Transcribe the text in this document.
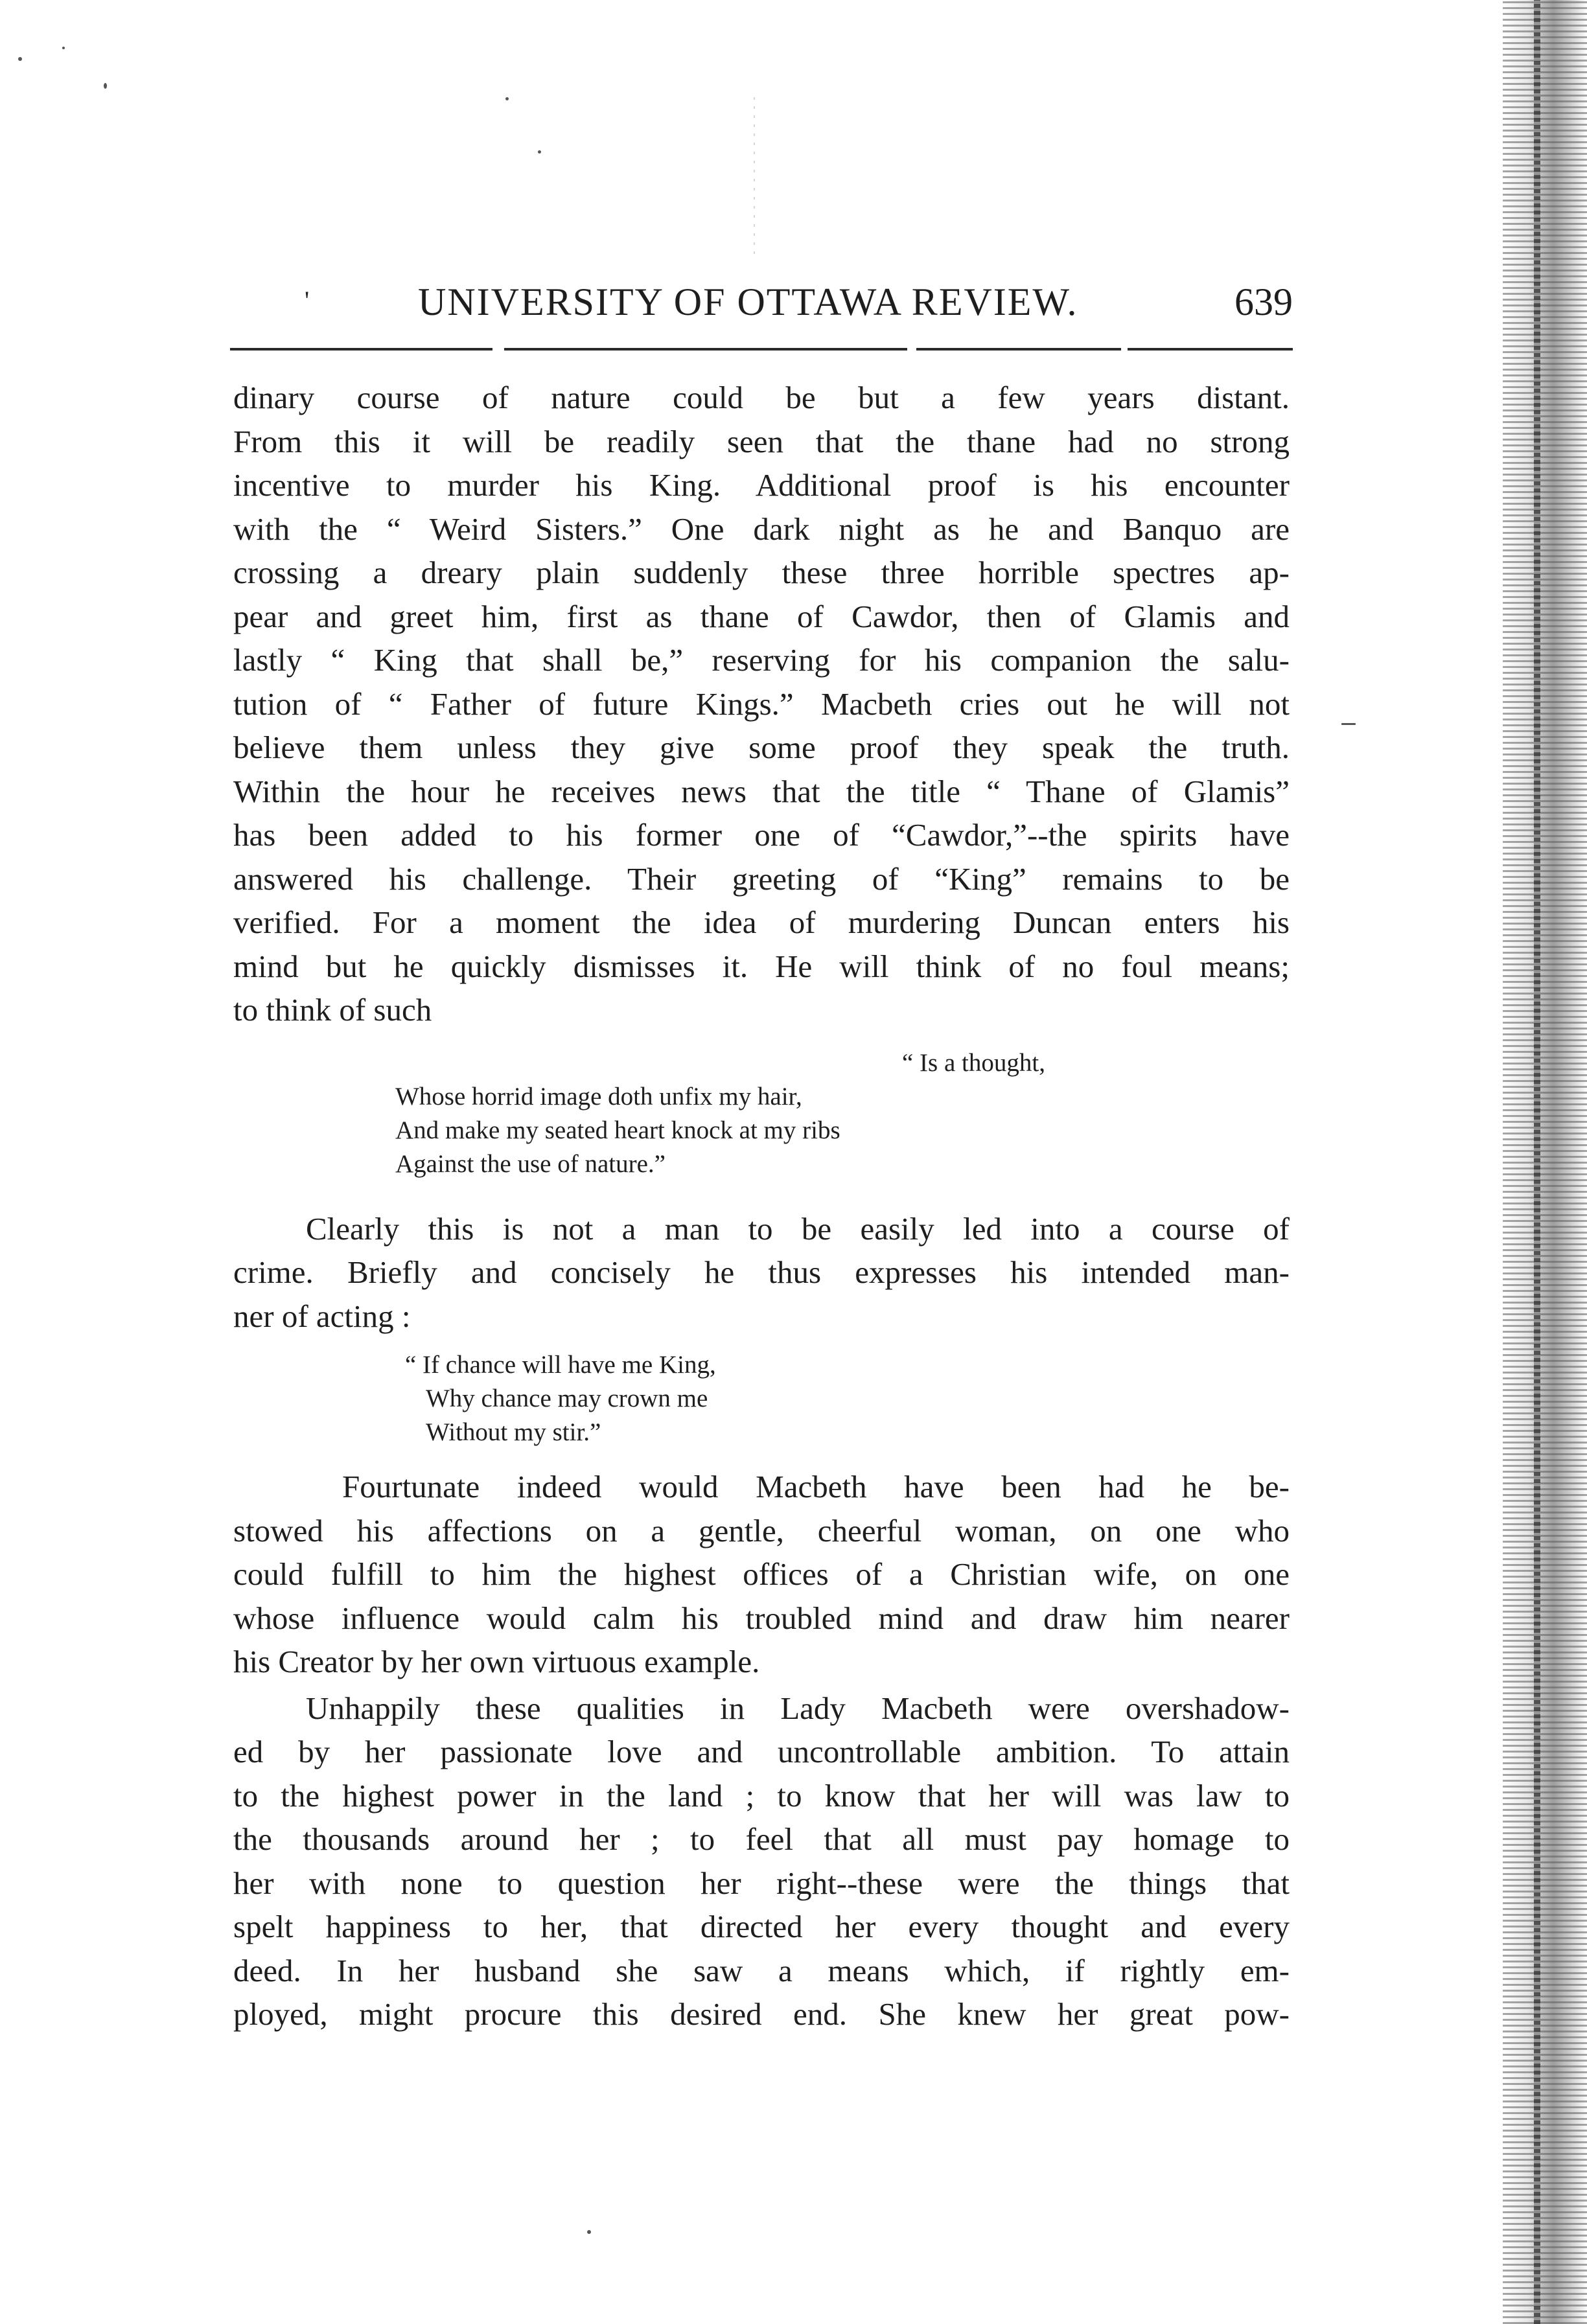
'	UNIVERSITY OF OTTAWA REVIEW.	639
dinary course of nature could be but a few years distant.
From this it will be readily seen that the thane had no strong
incentive to murder his King. Additional proof is his encounter
with the “ Weird Sisters.” One dark night as he and Banquo are
crossing a dreary plain suddenly these three horrible spectres ap-
pear and greet him, first as thane of Cawdor, then of Glamis and
lastly “ King that shall be,” reserving for his companion the salu-
tution of “ Father of future Kings.” Macbeth cries out he will not
believe them unless they give some proof they speak the truth.
Within the hour he receives news that the title “ Thane of Glamis”
has been added to his former one of “Cawdor,”--the spirits have
answered his challenge. Their greeting of “King” remains to be
verified. For a moment the idea of murdering Duncan enters his
mind but he quickly dismisses it. He will think of no foul means;
to think of such
“ Is a thought,
Whose horrid image doth unfix my hair,
And make my seated heart knock at my ribs
Against the use of nature.”
Clearly this is not a man to be easily led into a course of
crime. Briefly and concisely he thus expresses his intended man-
ner of acting :
“ If chance will have me King,
Why chance may crown me
Without my stir.”
Fourtunate indeed would Macbeth have been had he be-
stowed his affections on a gentle, cheerful woman, on one who
could fulfill to him the highest offices of a Christian wife, on one
whose influence would calm his troubled mind and draw him nearer
his Creator by her own virtuous example.
Unhappily these qualities in Lady Macbeth were overshadow-
ed by her passionate love and uncontrollable ambition. To attain
to the highest power in the land ; to know that her will was law to
the thousands around her ; to feel that all must pay homage to
her with none to question her right--these were the things that
spelt happiness to her, that directed her every thought and every
deed. In her husband she saw a means which, if rightly em-
ployed, might procure this desired end. She knew her great pow-
